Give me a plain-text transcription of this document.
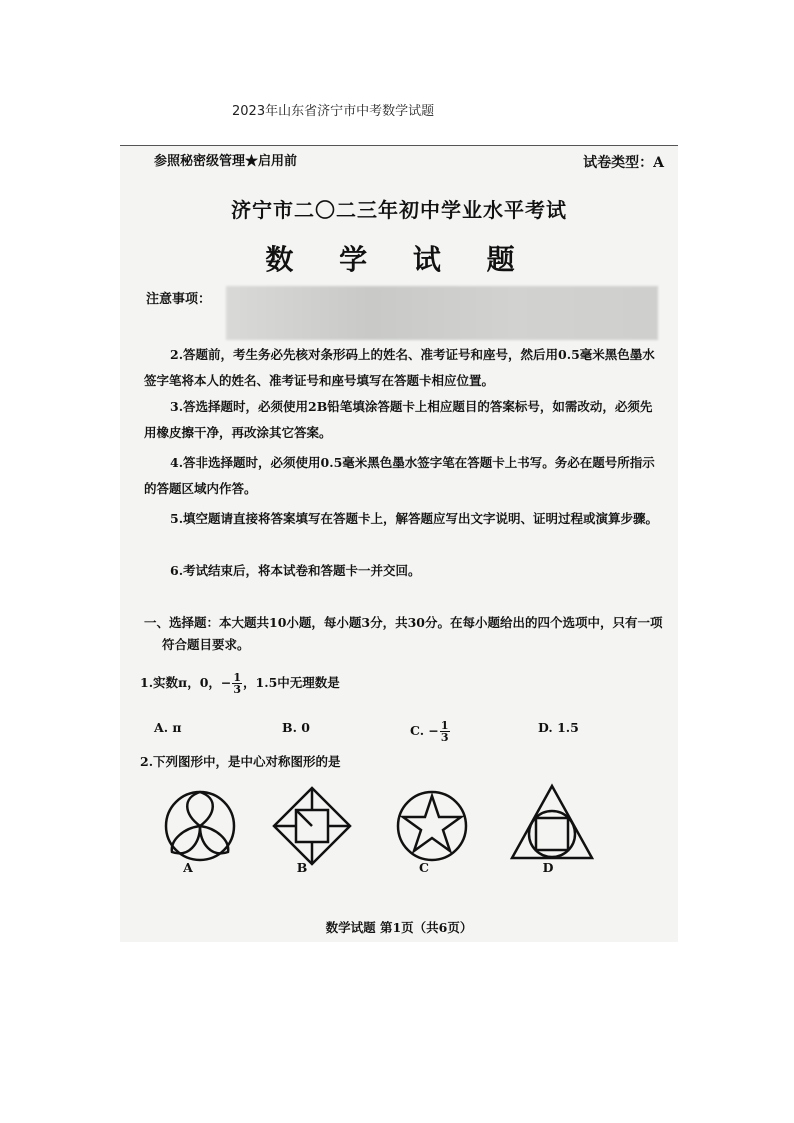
2023年山东省济宁市中考数学试题
参照秘密级管理★启用前	试卷类型：A
济宁市二〇二三年初中学业水平考试
数 学 试 题
注意事项：
2.答题前，考生务必先核对条形码上的姓名、准考证号和座号，然后用0.5毫米黑色墨水签字笔将本人的姓名、准考证号和座号填写在答题卡相应位置。
3.答选择题时，必须使用2B铅笔填涂答题卡上相应题目的答案标号，如需改动，必须先用橡皮擦干净，再改涂其它答案。
4.答非选择题时，必须使用0.5毫米黑色墨水签字笔在答题卡上书写。务必在题号所指示的答题区域内作答。
5.填空题请直接将答案填写在答题卡上，解答题应写出文字说明、证明过程或演算步骤。
6.考试结束后，将本试卷和答题卡一并交回。
一、选择题：本大题共10小题，每小题3分，共30分。在每小题给出的四个选项中，只有一项
符合题目要求。
1.实数π，0，− $\frac{1}{3}$ ，1.5中无理数是
A. π	B. 0	C. − $\frac{1}{3}$	D. 1.5
2.下列图形中，是中心对称图形的是
A	B	C	D
数学试题 第1页（共6页）
